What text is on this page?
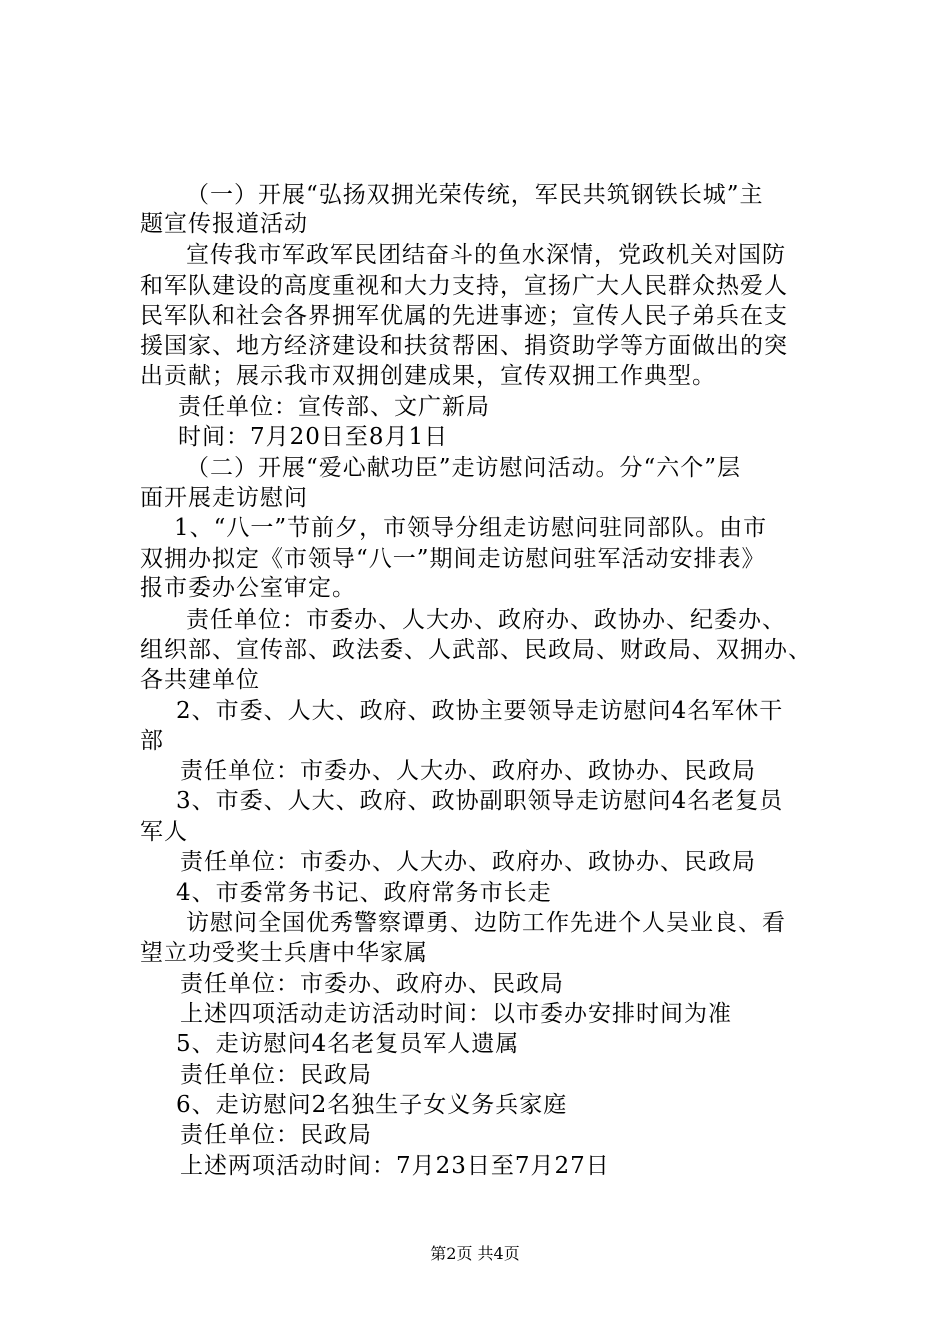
（一）开展“弘扬双拥光荣传统，军民共筑钢铁长城”主
题宣传报道活动
宣传我市军政军民团结奋斗的鱼水深情，党政机关对国防
和军队建设的高度重视和大力支持，宣扬广大人民群众热爱人
民军队和社会各界拥军优属的先进事迹；宣传人民子弟兵在支
援国家、地方经济建设和扶贫帮困、捐资助学等方面做出的突
出贡献；展示我市双拥创建成果，宣传双拥工作典型。
责任单位：宣传部、文广新局
时间：7月20日至8月1日
（二）开展“爱心献功臣”走访慰问活动。分“六个”层
面开展走访慰问
1、“八一”节前夕，市领导分组走访慰问驻同部队。由市
双拥办拟定《市领导“八一”期间走访慰问驻军活动安排表》
报市委办公室审定。
责任单位：市委办、人大办、政府办、政协办、纪委办、
组织部、宣传部、政法委、人武部、民政局、财政局、双拥办、
各共建单位
2、市委、人大、政府、政协主要领导走访慰问4名军休干
部
责任单位：市委办、人大办、政府办、政协办、民政局
3、市委、人大、政府、政协副职领导走访慰问4名老复员
军人
责任单位：市委办、人大办、政府办、政协办、民政局
4、市委常务书记、政府常务市长走
访慰问全国优秀警察谭勇、边防工作先进个人吴业良、看
望立功受奖士兵唐中华家属
责任单位：市委办、政府办、民政局
上述四项活动走访活动时间：以市委办安排时间为准
5、走访慰问4名老复员军人遗属
责任单位：民政局
6、走访慰问2名独生子女义务兵家庭
责任单位：民政局
上述两项活动时间：7月23日至7月27日
第2页 共4页
